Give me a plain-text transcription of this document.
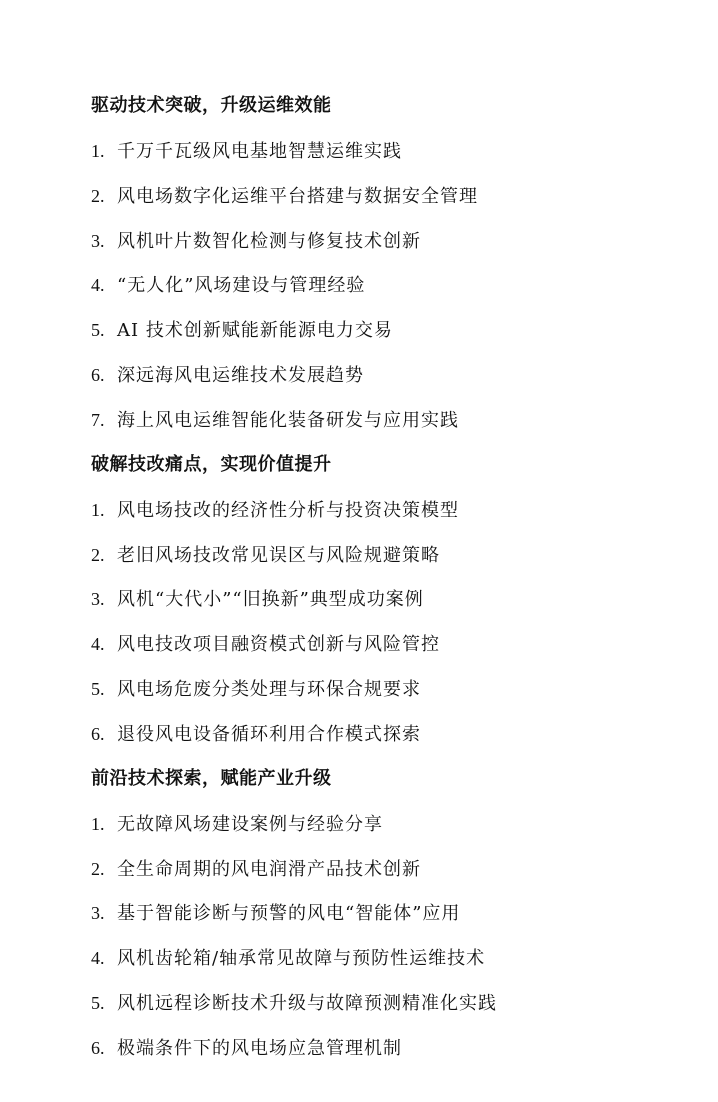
驱动技术突破，升级运维效能
1. 千万千瓦级风电基地智慧运维实践
2. 风电场数字化运维平台搭建与数据安全管理
3. 风机叶片数智化检测与修复技术创新
4. “无人化”风场建设与管理经验
5. AI 技术创新赋能新能源电力交易
6. 深远海风电运维技术发展趋势
7. 海上风电运维智能化装备研发与应用实践
破解技改痛点，实现价值提升
1. 风电场技改的经济性分析与投资决策模型
2. 老旧风场技改常见误区与风险规避策略
3. 风机“大代小”“旧换新”典型成功案例
4. 风电技改项目融资模式创新与风险管控
5. 风电场危废分类处理与环保合规要求
6. 退役风电设备循环利用合作模式探索
前沿技术探索，赋能产业升级
1. 无故障风场建设案例与经验分享
2. 全生命周期的风电润滑产品技术创新
3. 基于智能诊断与预警的风电“智能体”应用
4. 风机齿轮箱/轴承常见故障与预防性运维技术
5. 风机远程诊断技术升级与故障预测精准化实践
6. 极端条件下的风电场应急管理机制
